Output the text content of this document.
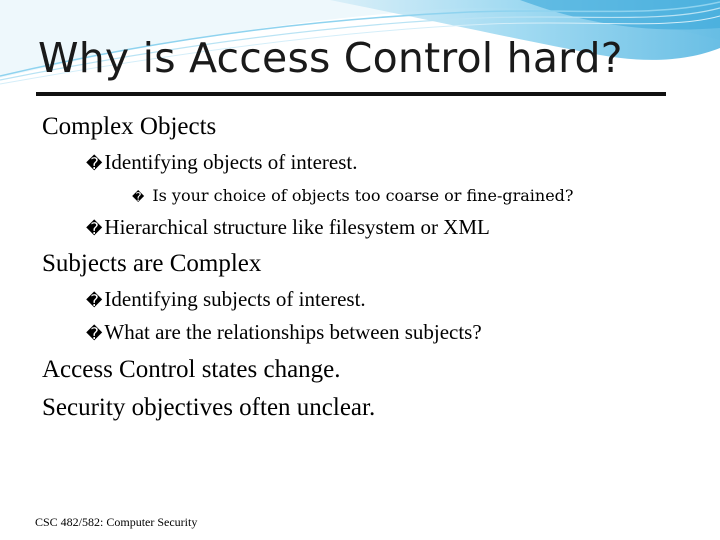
Why is Access Control hard?
Complex Objects
�Identifying objects of interest.
� Is your choice of objects too coarse or fine-grained?
�Hierarchical structure like filesystem or XML
Subjects are Complex
�Identifying subjects of interest.
�What are the relationships between subjects?
Access Control states change.
Security objectives often unclear.
CSC 482/582: Computer Security
